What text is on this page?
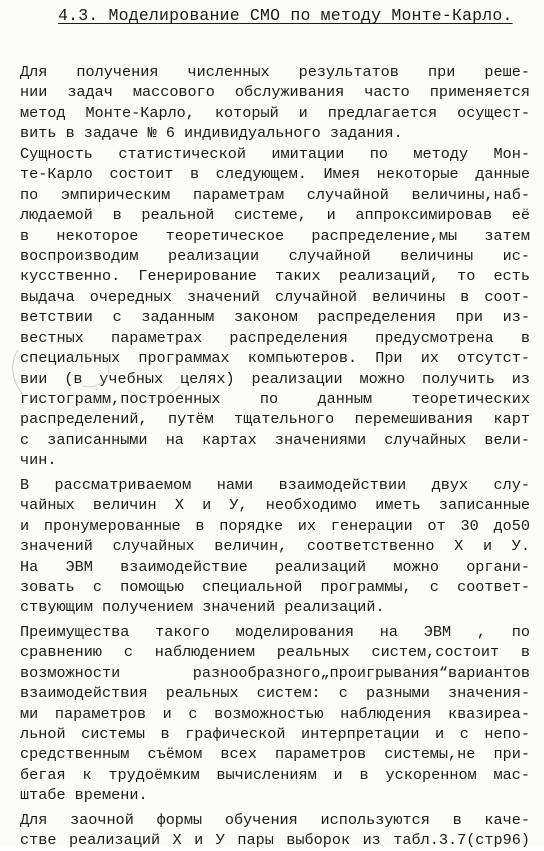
4.3. Моделирование СМО по методу Монте-Карло.
Для получения численных результатов при реше-
нии задач массового обслуживания часто применяется
метод Монте-Карло, который и предлагается осущест-
вить в задаче № 6 индивидуального задания.
Сущность статистической имитации по методу Мон-
те-Карло состоит в следующем. Имея некоторые данные
по эмпирическим параметрам случайной величины,наб-
людаемой в реальной системе, и аппроксимировав её
в некоторое теоретическое распределение,мы затем
воспроизводим реализации случайной величины ис-
кусственно. Генерирование таких реализаций, то есть
выдача очередных значений случайной величины в соот-
ветствии с заданным законом распределения при из-
вестных параметрах распределения предусмотрена в
специальных программах компьютеров. При их отсутст-
вии (в учебных целях) реализации можно получить из
гистограмм,построенных по данным теоретических
распределений, путём тщательного перемешивания карт
с записанными на картах значениями случайных вели-
чин.
В рассматриваемом нами взаимодействии двух слу-
чайных величин Х и У, необходимо иметь записанные
и пронумерованные в порядке их генерации от 30 до50
значений случайных величин, соответственно Х и У.
На ЭВМ взаимодействие реализаций можно органи-
зовать с помощью специальной программы, с соответ-
ствующим получением значений реализаций.
Преимущества такого моделирования на ЭВМ , по
сравнению с наблюдением реальных систем,состоит в
возможности разнообразного„проигрывания“вариантов
взаимодействия реальных систем: с разными значения-
ми параметров и с возможностью наблюдения квазиреа-
льной системы в графической интерпретации и с непо-
средственным съёмом всех параметров системы,не при-
бегая к трудоёмким вычислениям и в ускоренном мас-
штабе времени.
Для заочной формы обучения используются в каче-
стве реализаций Х и У пары выборок из табл.3.7(стр96)
